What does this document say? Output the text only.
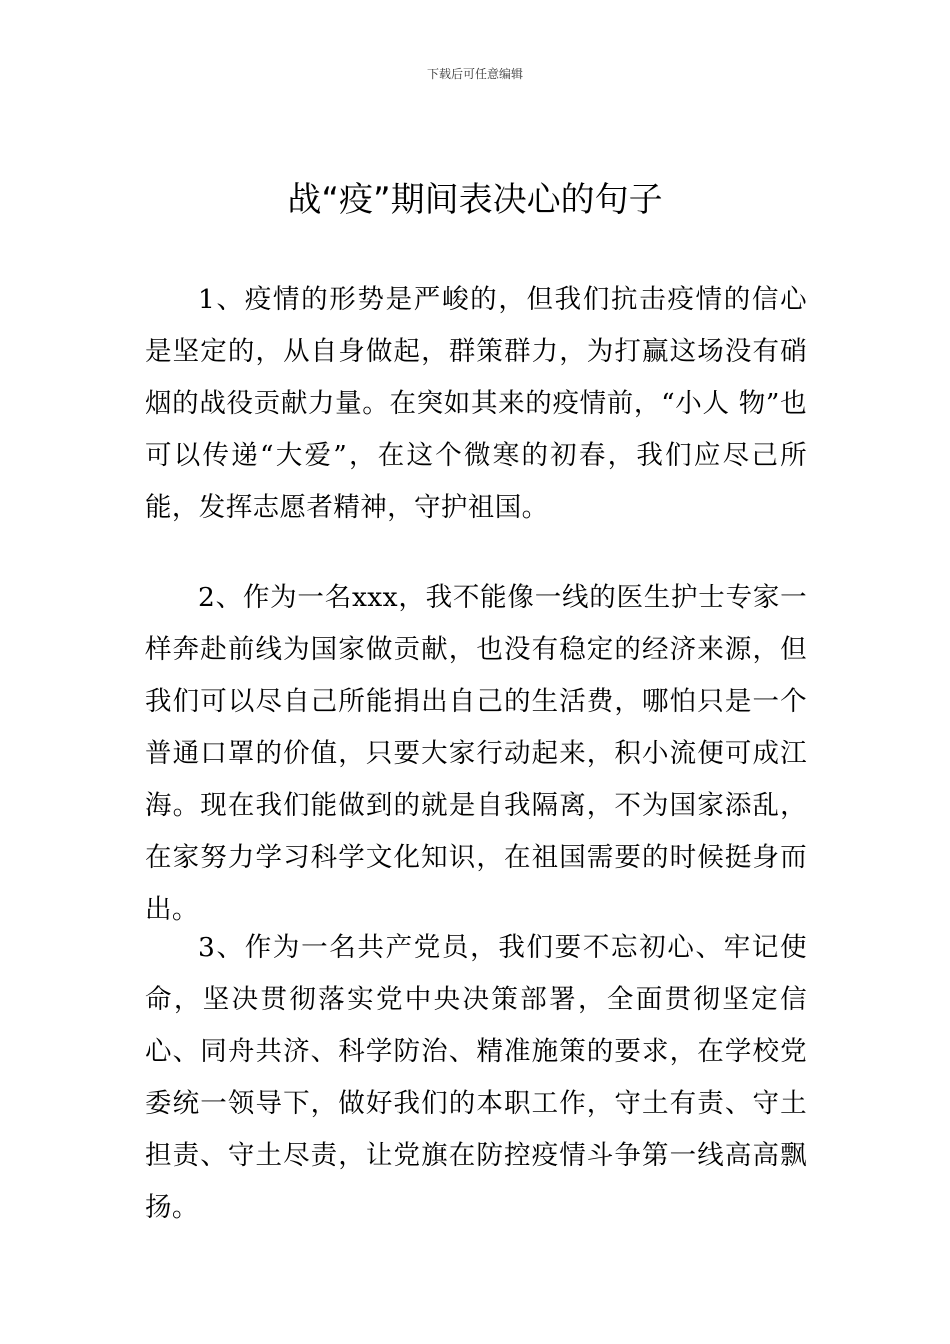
下载后可任意编辑
战“疫”期间表决心的句子

1、疫情的形势是严峻的，但我们抗击疫情的信心是坚定的，从自身做起，群策群力，为打赢这场没有硝烟的战役贡献力量。在突如其来的疫情前，“小人 物”也可以传递“大爱”，在这个微寒的初春，我们应尽己所能，发挥志愿者精神，守护祖国。

2、作为一名xxx，我不能像一线的医生护士专家一样奔赴前线为国家做贡献，也没有稳定的经济来源，但我们可以尽自己所能捐出自己的生活费，哪怕只是一个普通口罩的价值，只要大家行动起来，积小流便可成江海。现在我们能做到的就是自我隔离，不为国家添乱，在家努力学习科学文化知识，在祖国需要的时候挺身而出。

3、作为一名共产党员，我们要不忘初心、牢记使命，坚决贯彻落实党中央决策部署，全面贯彻坚定信心、同舟共济、科学防治、精准施策的要求，在学校党委统一领导下，做好我们的本职工作，守土有责、守土担责、守土尽责，让党旗在防控疫情斗争第一线高高飘扬。
